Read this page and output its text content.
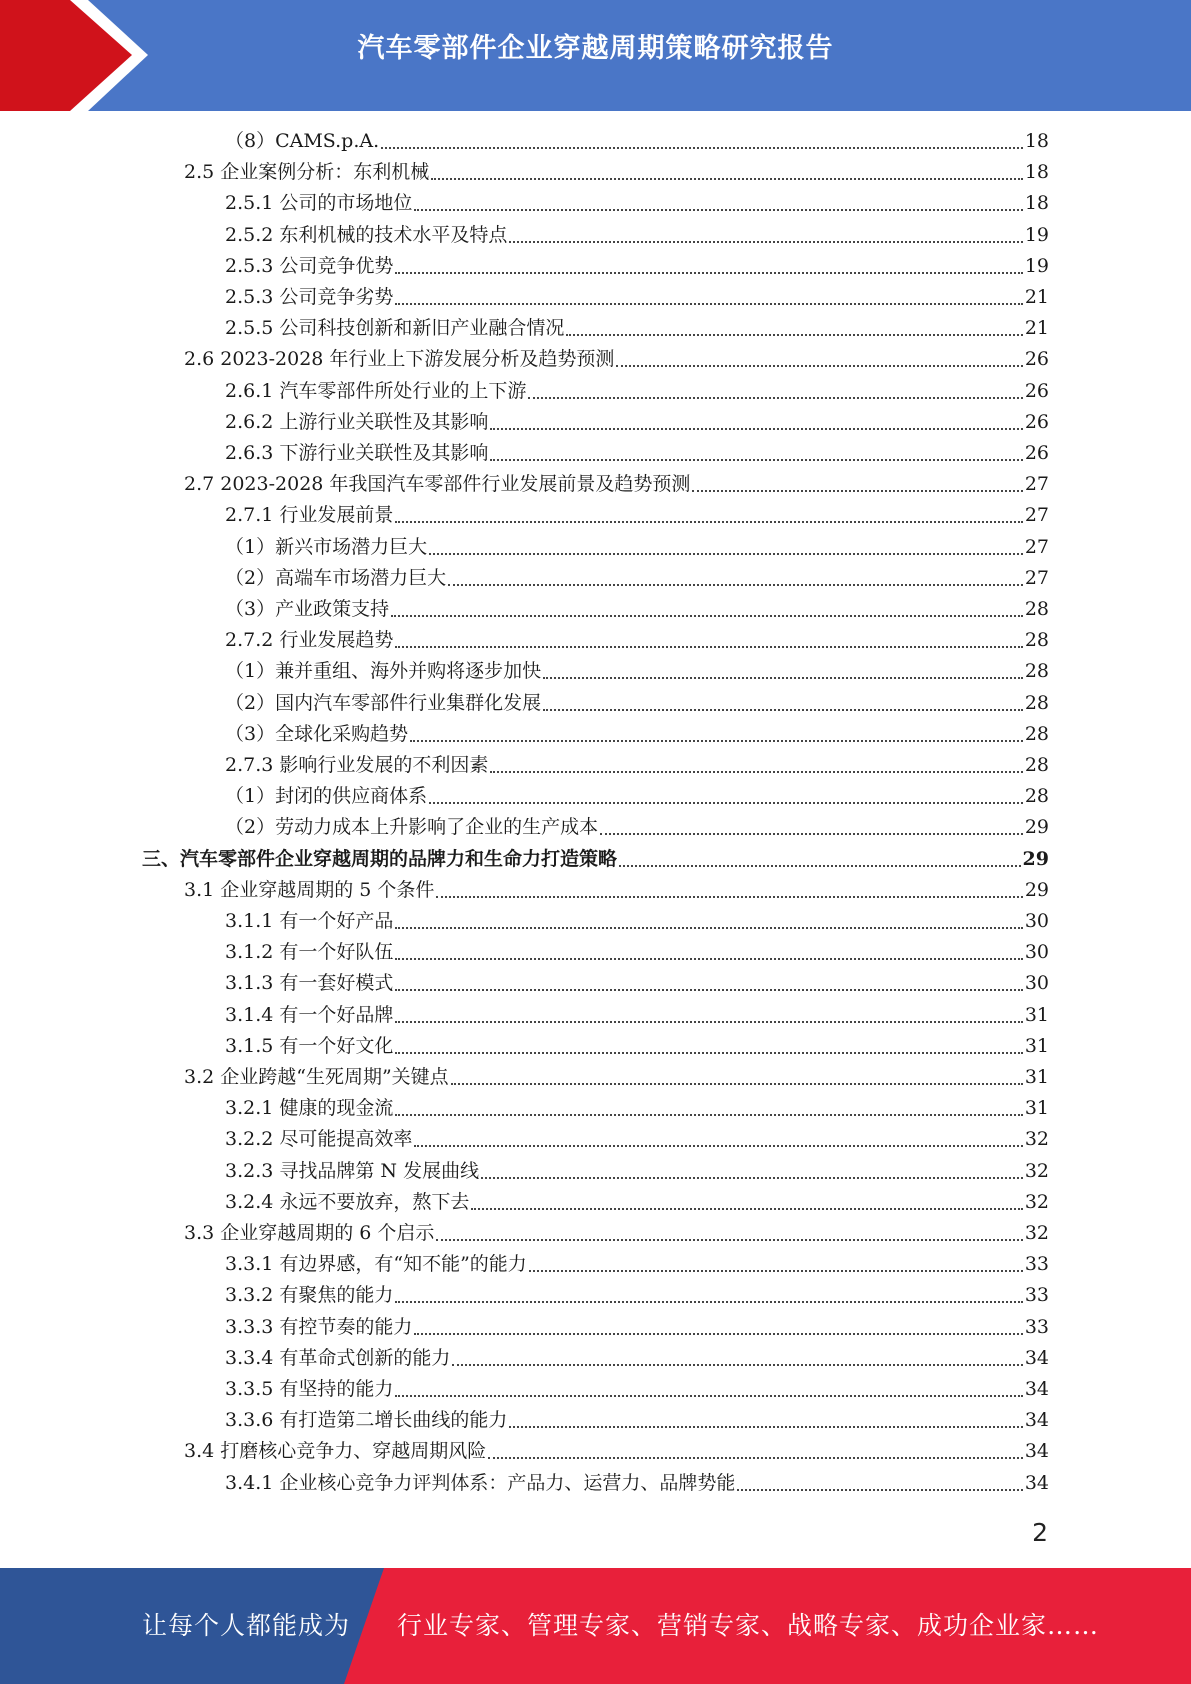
汽车零部件企业穿越周期策略研究报告
（8）CAMS.p.A.	18
2.5 企业案例分析：东利机械	18
2.5.1 公司的市场地位	18
2.5.2 东利机械的技术水平及特点	19
2.5.3 公司竞争优势	19
2.5.3 公司竞争劣势	21
2.5.5 公司科技创新和新旧产业融合情况	21
2.6 2023-2028 年行业上下游发展分析及趋势预测	26
2.6.1 汽车零部件所处行业的上下游	26
2.6.2 上游行业关联性及其影响	26
2.6.3 下游行业关联性及其影响	26
2.7 2023-2028 年我国汽车零部件行业发展前景及趋势预测	27
2.7.1 行业发展前景	27
（1）新兴市场潜力巨大	27
（2）高端车市场潜力巨大	27
（3）产业政策支持	28
2.7.2 行业发展趋势	28
（1）兼并重组、海外并购将逐步加快	28
（2）国内汽车零部件行业集群化发展	28
（3）全球化采购趋势	28
2.7.3 影响行业发展的不利因素	28
（1）封闭的供应商体系	28
（2）劳动力成本上升影响了企业的生产成本	29
三、汽车零部件企业穿越周期的品牌力和生命力打造策略	29
3.1 企业穿越周期的 5 个条件	29
3.1.1 有一个好产品	30
3.1.2 有一个好队伍	30
3.1.3 有一套好模式	30
3.1.4 有一个好品牌	31
3.1.5 有一个好文化	31
3.2 企业跨越“生死周期”关键点	31
3.2.1 健康的现金流	31
3.2.2 尽可能提高效率	32
3.2.3 寻找品牌第 N 发展曲线	32
3.2.4 永远不要放弃，熬下去	32
3.3 企业穿越周期的 6 个启示	32
3.3.1 有边界感，有“知不能”的能力	33
3.3.2 有聚焦的能力	33
3.3.3 有控节奏的能力	33
3.3.4 有革命式创新的能力	34
3.3.5 有坚持的能力	34
3.3.6 有打造第二增长曲线的能力	34
3.4 打磨核心竞争力、穿越周期风险	34
3.4.1 企业核心竞争力评判体系：产品力、运营力、品牌势能	34
2
让每个人都能成为 行业专家、管理专家、营销专家、战略专家、成功企业家……
